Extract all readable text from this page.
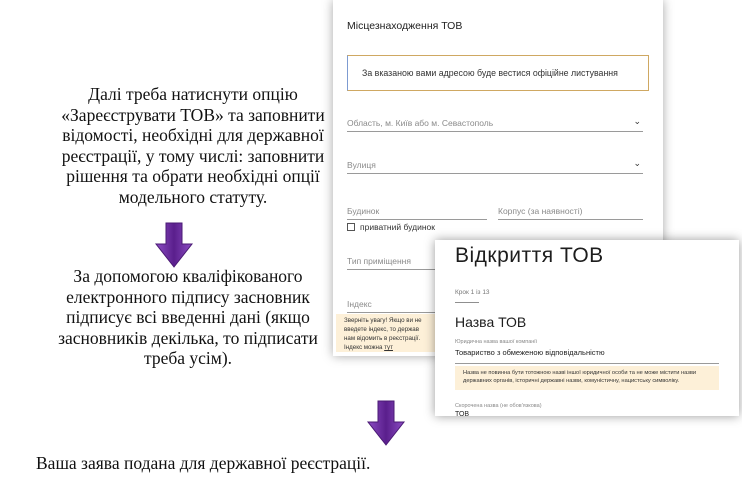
Далі треба натиснути опцію «Зареєструвати ТОВ» та заповнити відомості, необхідні для державної реєстрації, у тому числі: заповнити рішення та обрати необхідні опції модельного статуту.
За допомогою кваліфікованого електронного підпису засновник підписує всі введенні дані (якщо засновників декілька, то підписати треба усім).
Ваша заява подана для державної реєстрації.
Місцезнаходження ТОВ
За вказаною вами адресою буде вестися офіційне листування
Область, м. Київ або м. Севастополь	⌄
Вулиця	⌄
Будинок	Корпус (за наявності)
приватний будинок
Тип приміщення
Індекс
Зверніть увагу! Якщо ви не
введете індекс, то держав
нам відомить в реєстрації.
Індекс можна тут
Відкриття ТОВ
Крок 1 із 13
Назва ТОВ
Юридична назва вашої компанії
Товариство з обмеженою відповідальністю
Назва не повинна бути тотожною назві іншої юридичної особи та не може містити назви
державних органів, історичні державні назви, комуністичну, нацистську символіку.
Скорочена назва (не обов'язкова)
ТОВ
